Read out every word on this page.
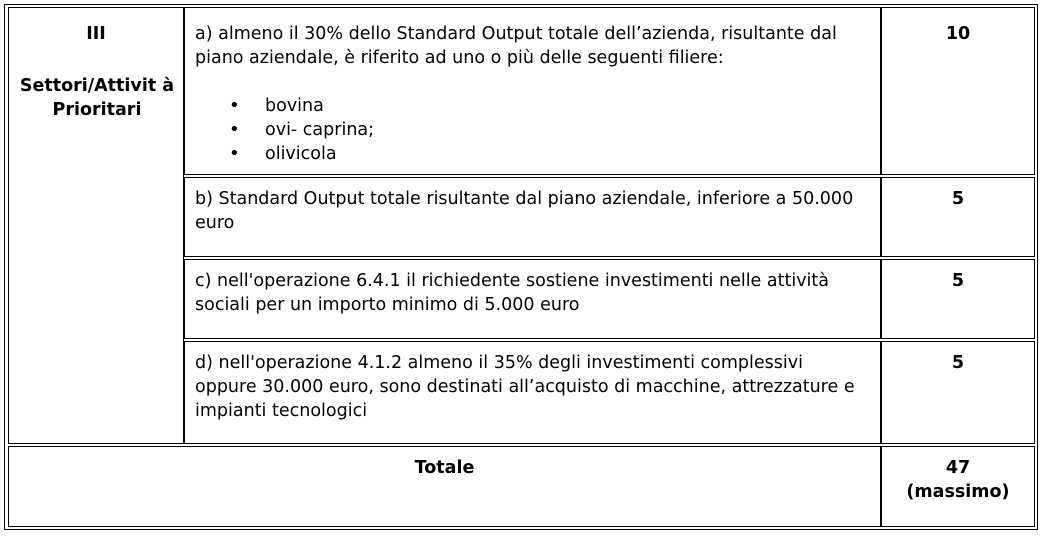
III
Settori/Attivit à Prioritari
a) almeno il 30% dello Standard Output totale dell’azienda, risultante dal piano aziendale, è riferito ad uno o più delle seguenti filiere:
• bovina
• ovi- caprina;
• olivicola
10
b) Standard Output totale risultante dal piano aziendale, inferiore a 50.000 euro
5
c) nell'operazione 6.4.1 il richiedente sostiene investimenti nelle attività sociali per un importo minimo di 5.000 euro
5
d) nell'operazione 4.1.2 almeno il 35% degli investimenti complessivi oppure 30.000 euro, sono destinati all’acquisto di macchine, attrezzature e impianti tecnologici
5
Totale	47
(massimo)
